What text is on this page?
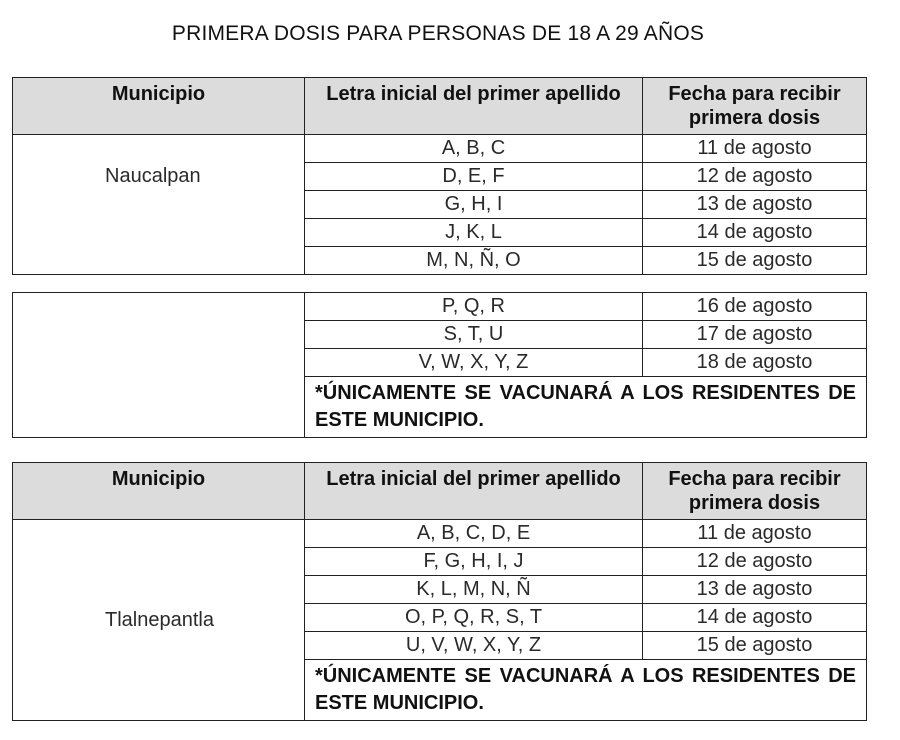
PRIMERA DOSIS PARA PERSONAS DE 18 A 29 AÑOS
Municipio	Letra inicial del primer apellido	Fecha para recibir
primera dosis
Naucalpan	A, B, C	11 de agosto
	D, E, F	12 de agosto
	G, H, I	13 de agosto
	J, K, L	14 de agosto
	M, N, Ñ, O	15 de agosto
	P, Q, R	16 de agosto
	S, T, U	17 de agosto
	V, W, X, Y, Z	18 de agosto
	*ÚNICAMENTE SE VACUNARÁ A LOS RESIDENTES DE ESTE MUNICIPIO.	
Municipio	Letra inicial del primer apellido	Fecha para recibir
primera dosis
Tlalnepantla	A, B, C, D, E	11 de agosto
	F, G, H, I, J	12 de agosto
	K, L, M, N, Ñ	13 de agosto
	O, P, Q, R, S, T	14 de agosto
	U, V, W, X, Y, Z	15 de agosto
	*ÚNICAMENTE SE VACUNARÁ A LOS RESIDENTES DE ESTE MUNICIPIO.	
